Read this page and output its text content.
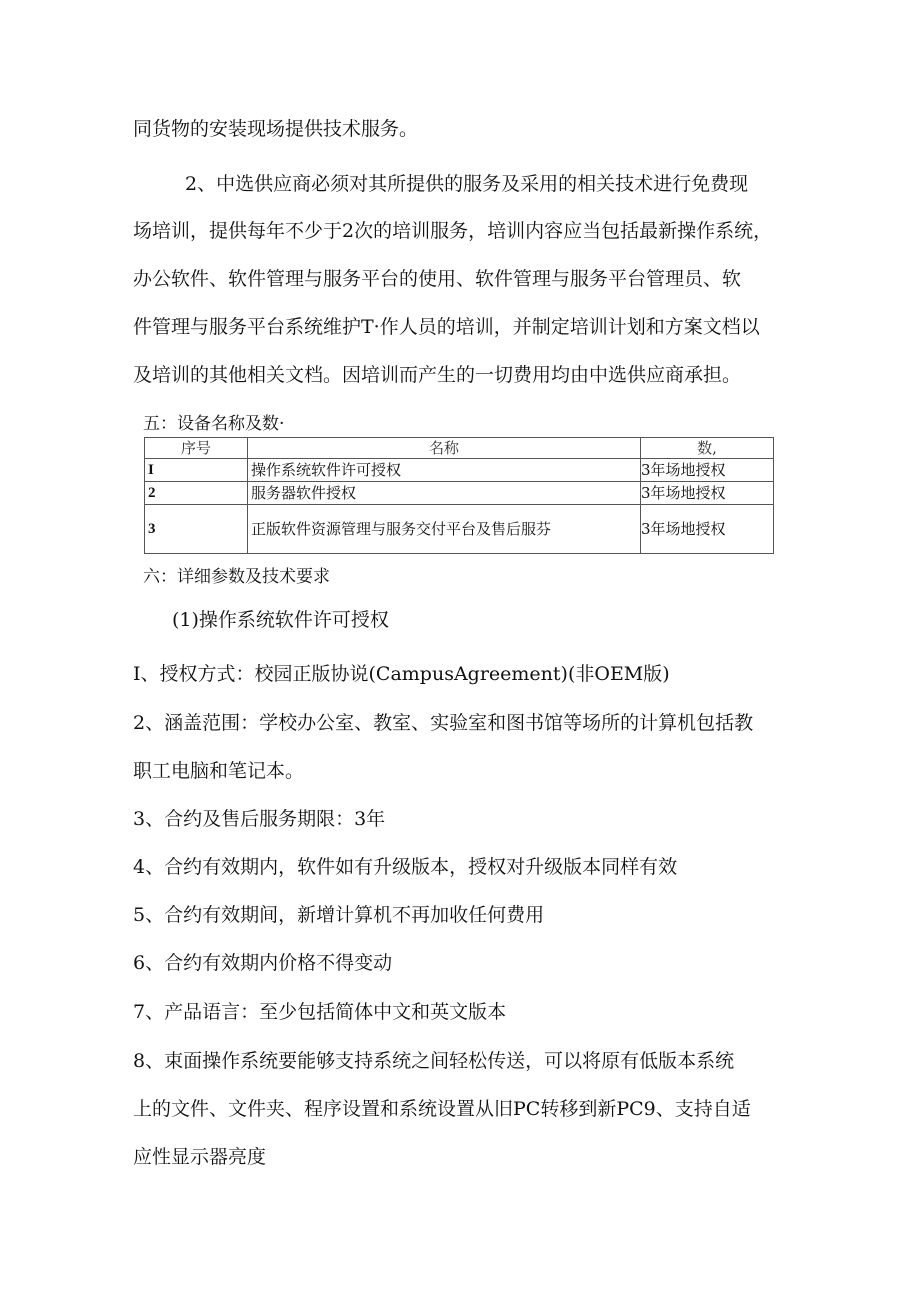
同货物的安装现场提供技术服务。
2、中选供应商必须对其所提供的服务及采用的相关技术进行免费现
场培训，提供每年不少于2次的培训服务，培训内容应当包括最新操作系统，
办公软件、软件管理与服务平台的使用、软件管理与服务平台管理员、软
件管理与服务平台系统维护T·作人员的培训，并制定培训计划和方案文档以
及培训的其他相关文档。因培训而产生的一切费用均由中选供应商承担。
五：设备名称及数·
序号	名称	数,
I	操作系统软件许可授权	3年场地授权
2	服务器软件授权	3年场地授权
3	正版软件资源管理与服务交付平台及售后服芬	3年场地授权
六：详细参数及技术要求
(1)操作系统软件许可授权
I、授权方式：校园正版协说(CampusAgreement)(非OEM版)
2、涵盖范围：学校办公室、教室、实验室和图书馆等场所的计算机包括教
职工电脑和笔记本。
3、合约及售后服务期限：3年
4、合约有效期内，软件如有升级版本，授权对升级版本同样有效
5、合约有效期间，新增计算机不再加收任何费用
6、合约有效期内价格不得变动
7、产品语言：至少包括简体中文和英文版本
8、束面操作系统要能够支持系统之间轻松传送，可以将原有低版本系统
上的文件、文件夹、程序设置和系统设置从旧PC转移到新PC9、支持自适
应性显示器亮度
